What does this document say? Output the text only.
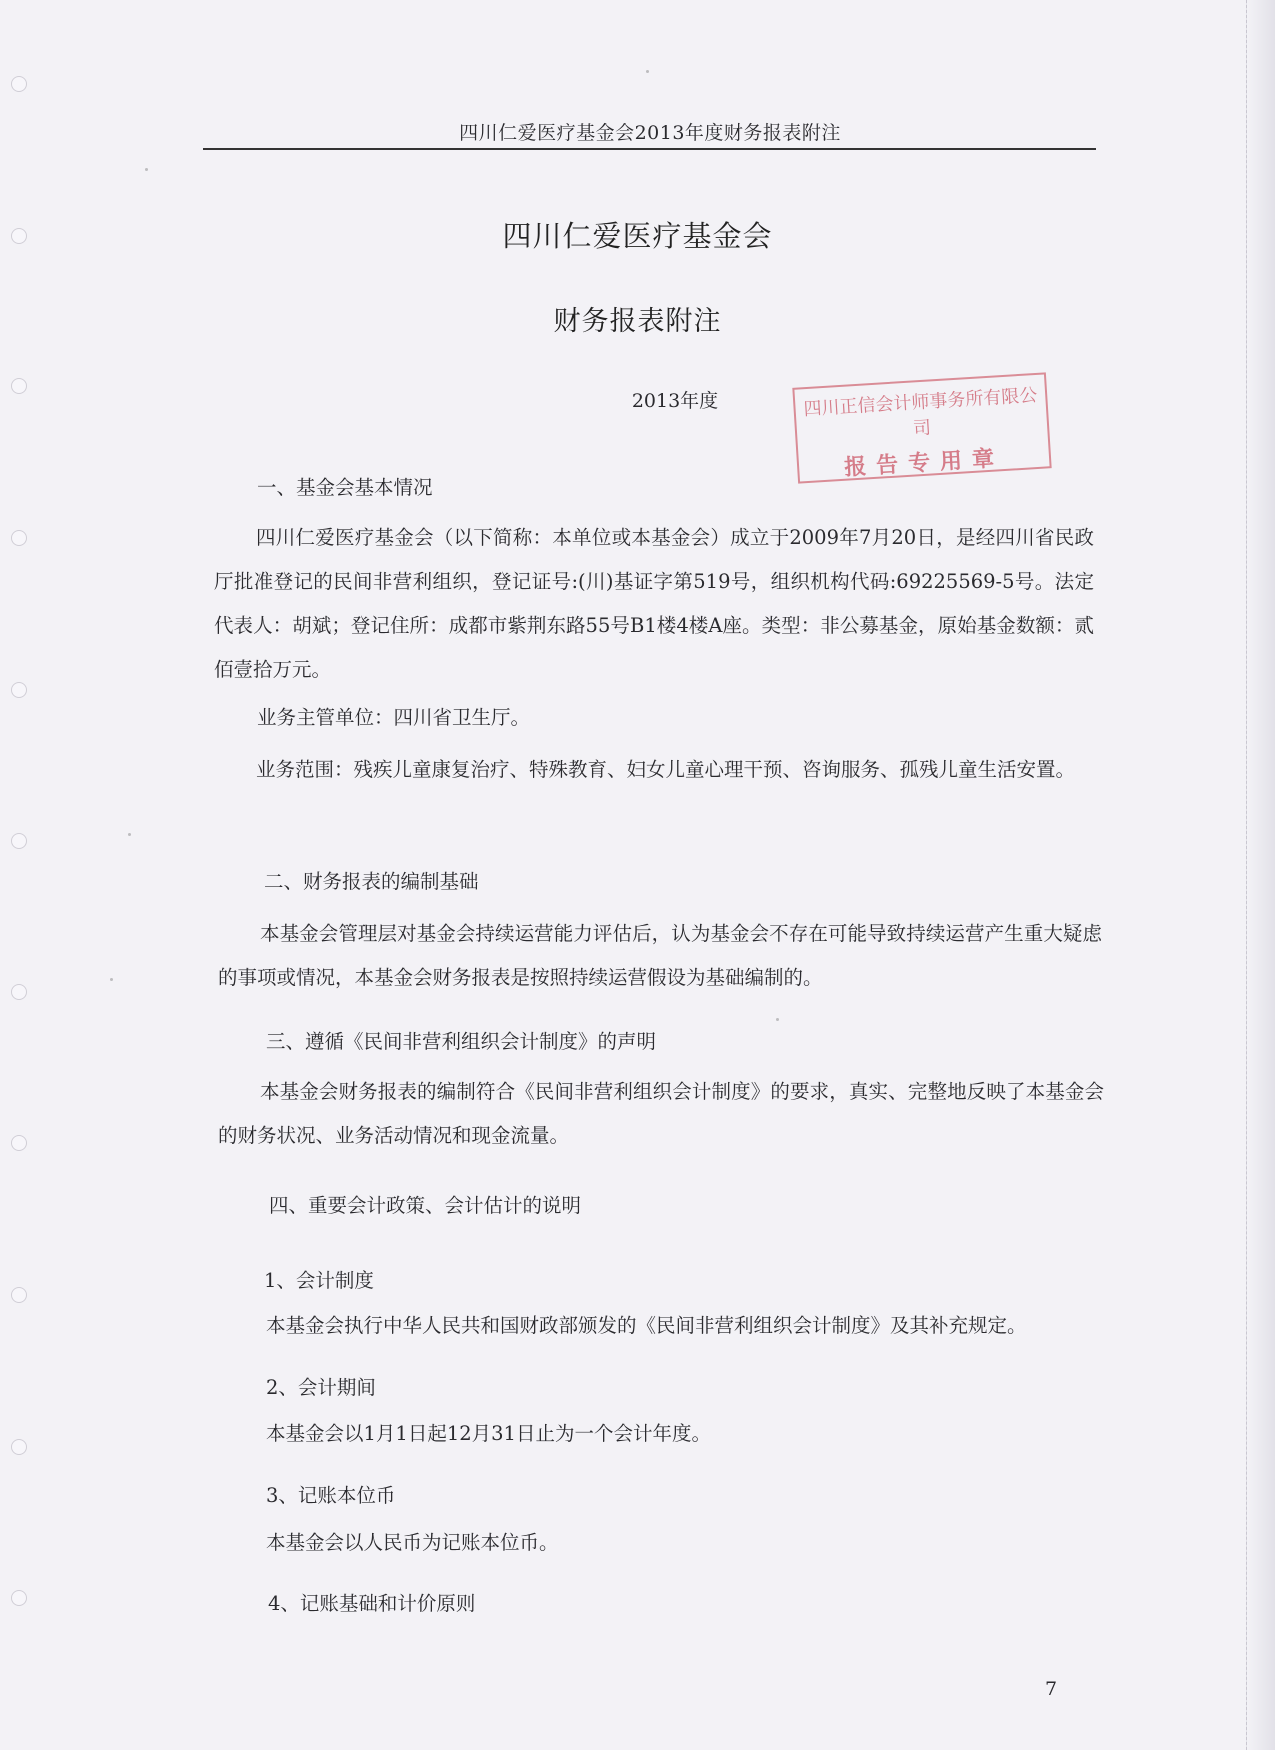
四川仁爱医疗基金会2013年度财务报表附注
四川仁爱医疗基金会
财务报表附注
2013年度	四川正信会计师事务所有限公司
报告专用章
一、基金会基本情况
四川仁爱医疗基金会（以下简称：本单位或本基金会）成立于2009年7月20日，是经四川省民政厅批准登记的民间非营利组织，登记证号:(川)基证字第519号，组织机构代码:69225569-5号。法定代表人：胡斌；登记住所：成都市紫荆东路55号B1楼4楼A座。类型：非公募基金，原始基金数额：贰佰壹拾万元。
业务主管单位：四川省卫生厅。
业务范围：残疾儿童康复治疗、特殊教育、妇女儿童心理干预、咨询服务、孤残儿童生活安置。
二、财务报表的编制基础
本基金会管理层对基金会持续运营能力评估后，认为基金会不存在可能导致持续运营产生重大疑虑的事项或情况，本基金会财务报表是按照持续运营假设为基础编制的。
三、遵循《民间非营利组织会计制度》的声明
本基金会财务报表的编制符合《民间非营利组织会计制度》的要求，真实、完整地反映了本基金会的财务状况、业务活动情况和现金流量。
四、重要会计政策、会计估计的说明
1、会计制度
本基金会执行中华人民共和国财政部颁发的《民间非营利组织会计制度》及其补充规定。
2、会计期间
本基金会以1月1日起12月31日止为一个会计年度。
3、记账本位币
本基金会以人民币为记账本位币。
4、记账基础和计价原则
7
